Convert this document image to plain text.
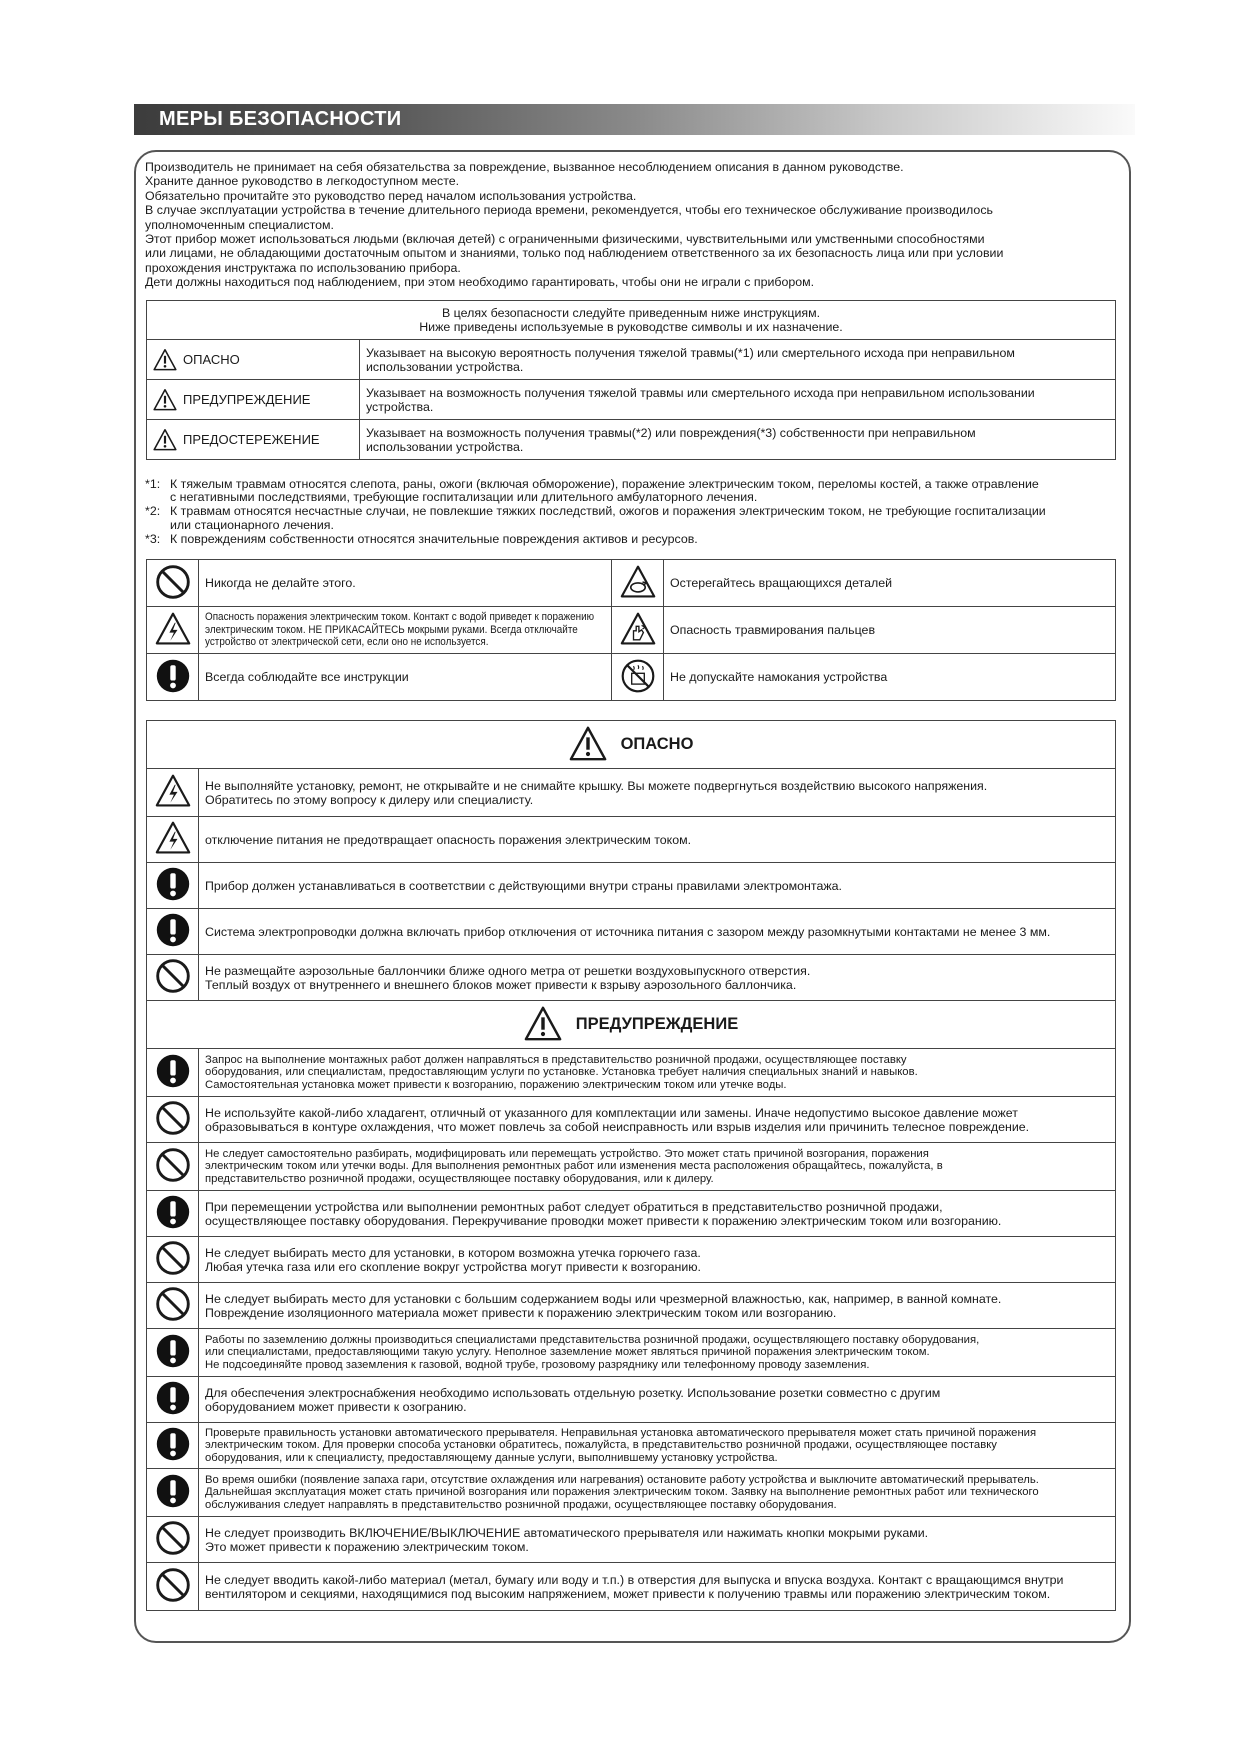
МЕРЫ БЕЗОПАСНОСТИ
Производитель не принимает на себя обязательства за повреждение, вызванное несоблюдением описания в данном руководстве.
Храните данное руководство в легкодоступном месте.
Обязательно прочитайте это руководство перед началом использования устройства.
В случае эксплуатации устройства в течение длительного периода времени, рекомендуется, чтобы его техническое обслуживание производилось
уполномоченным специалистом.
Этот прибор может использоваться людьми (включая детей) с ограниченными физическими, чувствительными или умственными способностями
или лицами, не обладающими достаточным опытом и знаниями, только под наблюдением ответственного за их безопасность лица или при условии
прохождения инструктажа по использованию прибора.
Дети должны находиться под наблюдением, при этом необходимо гарантировать, чтобы они не играли с прибором.
В целях безопасности следуйте приведенным ниже инструкциям.
Ниже приведены используемые в руководстве символы и их назначение.	

ОПАСНО	Указывает на высокую вероятность получения тяжелой травмы(*1) или смертельного исхода при неправильном
использовании устройства.

ПРЕДУПРЕЖДЕНИЕ	Указывает на возможность получения тяжелой травмы или смертельного исхода при неправильном использовании
устройства.

ПРЕДОСТЕРЕЖЕНИЕ	Указывает на возможность получения травмы(*2) или повреждения(*3) собственности при неправильном
использовании устройства.
*1: К тяжелым травмам относятся слепота, раны, ожоги (включая обморожение), поражение электрическим током, переломы костей, а также отравление
с негативными последствиями, требующие госпитализации или длительного амбулаторного лечения.
*2: К травмам относятся несчастные случаи, не повлекшие тяжких последствий, ожогов и поражения электрическим током, не требующие госпитализации
или стационарного лечения.
*3: К повреждениям собственности относятся значительные повреждения активов и ресурсов.
	Никогда не делайте этого.		Остерегайтесь вращающихся деталей

Опасность поражения электрическим током. Контакт с водой приведет к поражению
электрическим током. НЕ ПРИКАСАЙТЕСЬ мокрыми руками. Всегда отключайте
устройство от электрической сети, если оно не используется.		Опасность травмирования пальцев

	Всегда соблюдайте все инструкции		Не допускайте намокания устройства
ОПАСНО	

	Не выполняйте установку, ремонт, не открывайте и не снимайте крышку. Вы можете подвергнуться воздействию высокого напряжения.
Обратитесь по этому вопросу к дилеру или специалисту.

	отключение питания не предотвращает опасность поражения электрическим током.

	Прибор должен устанавливаться в соответствии с действующими внутри страны правилами электромонтажа.

	Система электропроводки должна включать прибор отключения от источника питания с зазором между разомкнутыми контактами не менее 3 мм.

	Не размещайте аэрозольные баллончики ближе одного метра от решетки воздуховыпускного отверстия.
Теплый воздух от внутреннего и внешнего блоков может привести к взрыву аэрозольного баллончика.

ПРЕДУПРЕЖДЕНИЕ	

	Запрос на выполнение монтажных работ должен направляться в представительство розничной продажи, осуществляющее поставку
оборудования, или специалистам, предоставляющим услуги по установке. Установка требует наличия специальных знаний и навыков.
Самостоятельная установка может привести к возгоранию, поражению электрическим током или утечке воды.

	Не используйте какой-либо хладагент, отличный от указанного для комплектации или замены. Иначе недопустимо высокое давление может
образовываться в контуре охлаждения, что может повлечь за собой неисправность или взрыв изделия или причинить телесное повреждение.

	Не следует самостоятельно разбирать, модифицировать или перемещать устройство. Это может стать причиной возгорания, поражения
электрическим током или утечки воды. Для выполнения ремонтных работ или изменения места расположения обращайтесь, пожалуйста, в
представительство розничной продажи, осуществляющее поставку оборудования, или к дилеру.

	При перемещении устройства или выполнении ремонтных работ следует обратиться в представительство розничной продажи,
осуществляющее поставку оборудования. Перекручивание проводки может привести к поражению электрическим током или возгоранию.

	Не следует выбирать место для установки, в котором возможна утечка горючего газа.
Любая утечка газа или его скопление вокруг устройства могут привести к возгоранию.

	Не следует выбирать место для установки с большим содержанием воды или чрезмерной влажностью, как, например, в ванной комнате.
Повреждение изоляционного материала может привести к поражению электрическим током или возгоранию.

	Работы по заземлению должны производиться специалистами представительства розничной продажи, осуществляющего поставку оборудования,
или специалистами, предоставляющими такую услугу. Неполное заземление может являться причиной поражения электрическим током.
Не подсоединяйте провод заземления к газовой, водной трубе, грозовому разряднику или телефонному проводу заземления.

	Для обеспечения электроснабжения необходимо использовать отдельную розетку. Использование розетки совместно с другим
оборудованием может привести к озогранию.

	Проверьте правильность установки автоматического прерывателя. Неправильная установка автоматического прерывателя может стать причиной поражения
электрическим током. Для проверки способа установки обратитесь, пожалуйста, в представительство розничной продажи, осуществляющее поставку
оборудования, или к специалисту, предоставляющему данные услуги, выполнившему установку устройства.

	Во время ошибки (появление запаха гари, отсутствие охлаждения или нагревания) остановите работу устройства и выключите автоматический прерыватель.
Дальнейшая эксплуатация может стать причиной возгорания или поражения электрическим током. Заявку на выполнение ремонтных работ или технического
обслуживания следует направлять в представительство розничной продажи, осуществляющее поставку оборудования.

	Не следует производить ВКЛЮЧЕНИЕ/ВЫКЛЮЧЕНИЕ автоматического прерывателя или нажимать кнопки мокрыми руками.
Это может привести к поражению электрическим током.

	Не следует вводить какой-либо материал (метал, бумагу или воду и т.п.) в отверстия для выпуска и впуска воздуха. Контакт с вращающимся внутри
вентилятором и секциями, находящимися под высоким напряжением, может привести к получению травмы или поражению электрическим током.
